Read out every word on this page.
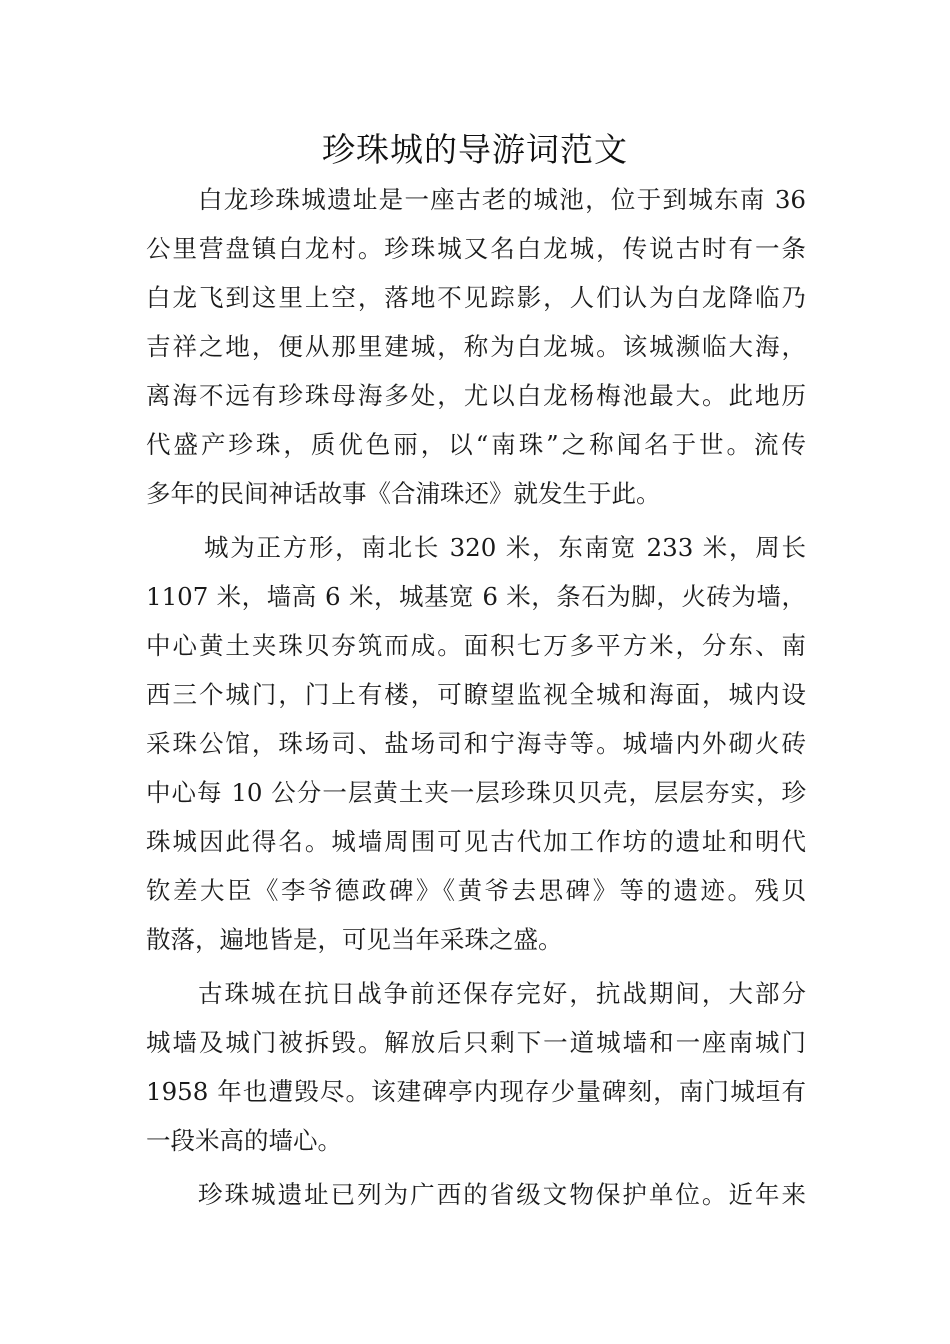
珍珠城的导游词范文
白龙珍珠城遗址是一座古老的城池，位于到城东南 36
公里营盘镇白龙村。珍珠城又名白龙城，传说古时有一条
白龙飞到这里上空，落地不见踪影，人们认为白龙降临乃
吉祥之地，便从那里建城，称为白龙城。该城濒临大海，
离海不远有珍珠母海多处，尤以白龙杨梅池最大。此地历
代盛产珍珠，质优色丽，以“南珠”之称闻名于世。流传
多年的民间神话故事《合浦珠还》就发生于此。
城为正方形，南北长 320 米，东南宽 233 米，周长
1107 米，墙高 6 米，城基宽 6 米，条石为脚，火砖为墙，
中心黄土夹珠贝夯筑而成。面积七万多平方米，分东、南
西三个城门，门上有楼，可瞭望监视全城和海面，城内设
采珠公馆，珠场司、盐场司和宁海寺等。城墙内外砌火砖
中心每 10 公分一层黄土夹一层珍珠贝贝壳，层层夯实，珍
珠城因此得名。城墙周围可见古代加工作坊的遗址和明代
钦差大臣《李爷德政碑》《黄爷去思碑》等的遗迹。残贝
散落，遍地皆是，可见当年采珠之盛。
古珠城在抗日战争前还保存完好，抗战期间，大部分
城墙及城门被拆毁。解放后只剩下一道城墙和一座南城门
1958 年也遭毁尽。该建碑亭内现存少量碑刻，南门城垣有
一段米高的墙心。
珍珠城遗址已列为广西的省级文物保护单位。近年来
